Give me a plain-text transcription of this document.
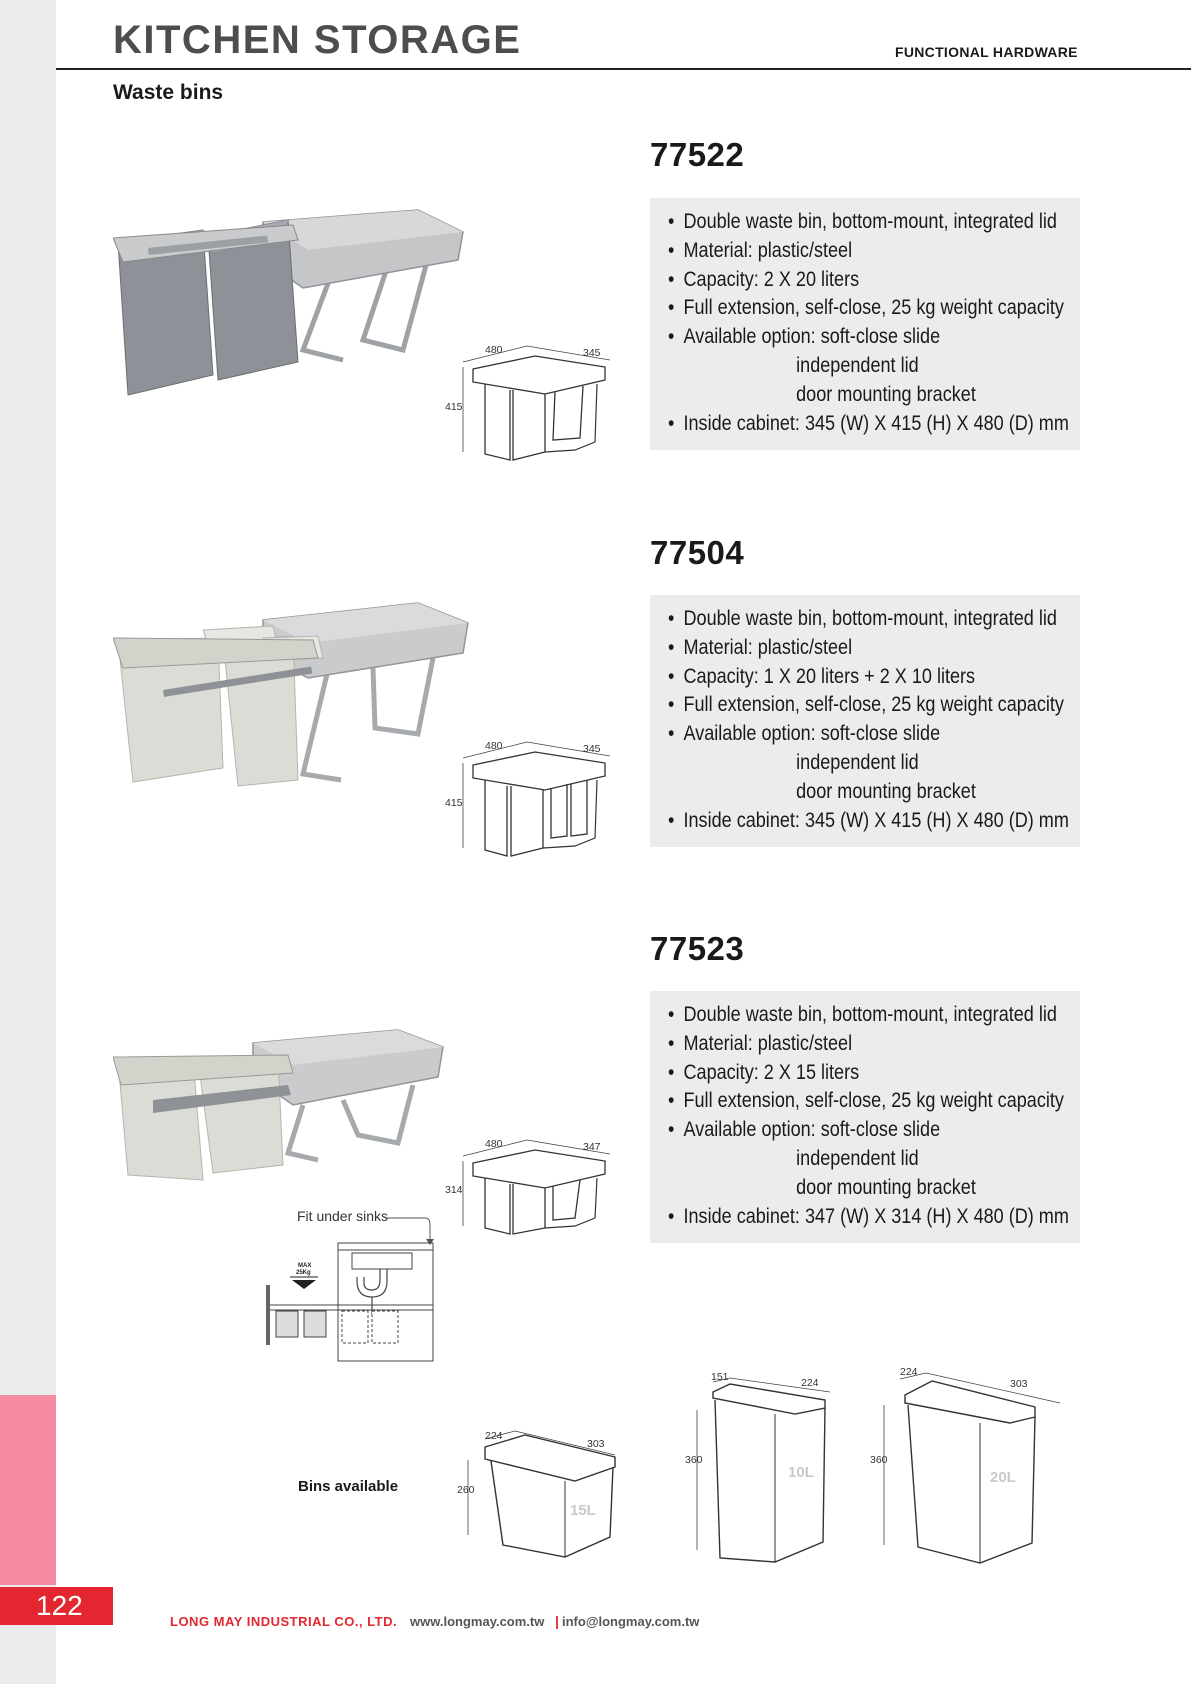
122
KITCHEN STORAGE	FUNCTIONAL HARDWARE
Waste bins
77522
• Double waste bin, bottom-mount, integrated lid
• Material: plastic/steel
• Capacity: 2 X 20 liters
• Full extension, self-close, 25 kg weight capacity
• Available option: soft-close slide
independent lid
door mounting bracket
• Inside cabinet: 345 (W) X 415 (H) X 480 (D) mm
480	345
415
77504
• Double waste bin, bottom-mount, integrated lid
• Material: plastic/steel
• Capacity: 1 X 20 liters + 2 X 10 liters
• Full extension, self-close, 25 kg weight capacity
• Available option: soft-close slide
independent lid
door mounting bracket
• Inside cabinet: 345 (W) X 415 (H) X 480 (D) mm
480	345
415
77523
• Double waste bin, bottom-mount, integrated lid
• Material: plastic/steel
• Capacity: 2 X 15 liters
• Full extension, self-close, 25 kg weight capacity
• Available option: soft-close slide
independent lid
door mounting bracket
• Inside cabinet: 347 (W) X 314 (H) X 480 (D) mm
480	347
314
Fit under sinks
MAX
25Kg
Bins available
15L
224
303
260
10L
151	224
360
20L
224
303
360
LONG MAY INDUSTRIAL CO., LTD. www.longmay.com.tw | info@longmay.com.tw
